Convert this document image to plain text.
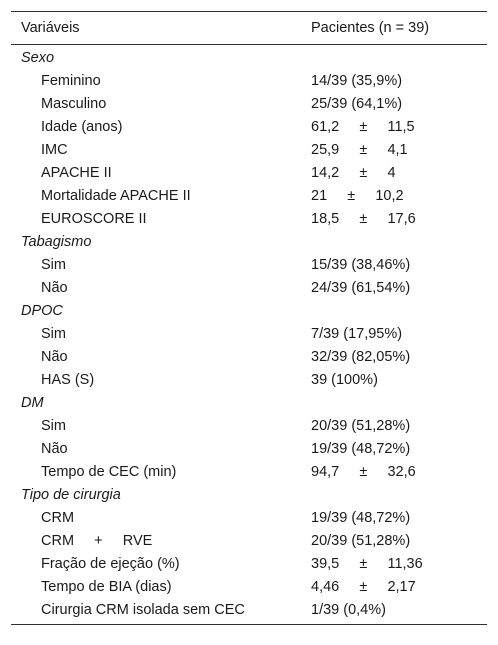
Variáveis	Pacientes (n = 39)
Sexo
Feminino	14/39 (35,9%)
Masculino	25/39 (64,1%)
Idade (anos)	61,2     ±     11,5
IMC	25,9     ±     4,1
APACHE II	14,2     ±     4
Mortalidade APACHE II	21     ±     10,2
EUROSCORE II	18,5     ±     17,6
Tabagismo
Sim	15/39 (38,46%)
Não	24/39 (61,54%)
DPOC
Sim	7/39 (17,95%)
Não	32/39 (82,05%)
HAS (S)	39 (100%)
DM
Sim	20/39 (51,28%)
Não	19/39 (48,72%)
Tempo de CEC (min)	94,7     ±     32,6
Tipo de cirurgia
CRM	19/39 (48,72%)
CRM     +     RVE	20/39 (51,28%)
Fração de ejeção (%)	39,5     ±     11,36
Tempo de BIA (dias)	4,46     ±     2,17
Cirurgia CRM isolada sem CEC	1/39 (0,4%)
